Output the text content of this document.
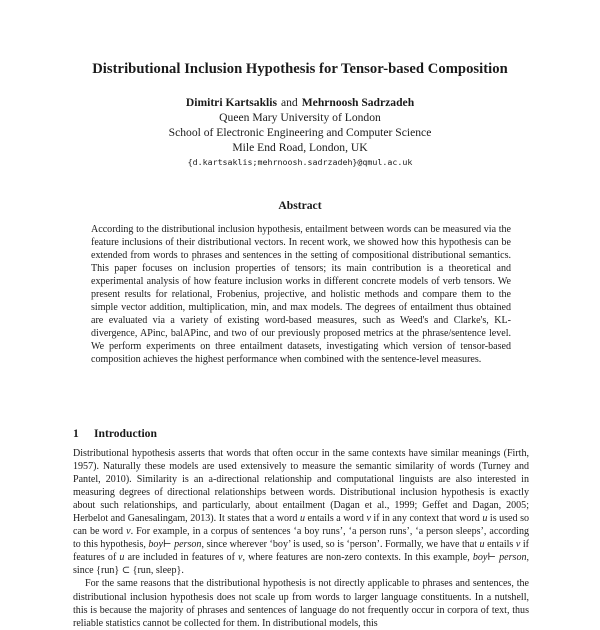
Distributional Inclusion Hypothesis for Tensor-based Composition
Dimitri Kartsaklis and Mehrnoosh Sadrzadeh
Queen Mary University of London
School of Electronic Engineering and Computer Science
Mile End Road, London, UK
{d.kartsaklis;mehrnoosh.sadrzadeh}@qmul.ac.uk
Abstract

According to the distributional inclusion hypothesis, entailment between words can be measured via the feature inclusions of their distributional vectors. In recent work, we showed how this hypothesis can be extended from words to phrases and sentences in the setting of compositional distributional semantics. This paper focuses on inclusion properties of tensors; its main contribution is a theoretical and experimental analysis of how feature inclusion works in different concrete models of verb tensors. We present results for relational, Frobenius, projective, and holistic methods and compare them to the simple vector addition, multiplication, min, and max models. The degrees of entailment thus obtained are evaluated via a variety of existing word-based measures, such as Weed's and Clarke's, KL-divergence, APinc, balAPinc, and two of our previously proposed metrics at the phrase/sentence level. We perform experiments on three entailment datasets, investigating which version of tensor-based composition achieves the highest performance when combined with the sentence-level measures.

1 Introduction

Distributional hypothesis asserts that words that often occur in the same contexts have similar meanings (Firth, 1957). Naturally these models are used extensively to measure the semantic similarity of words (Turney and Pantel, 2010). Similarity is an a-directional relationship and computational linguists are also interested in measuring degrees of directional relationships between words. Distributional inclusion hypothesis is exactly about such relationships, and particularly, about entailment (Dagan et al., 1999; Geffet and Dagan, 2005; Herbelot and Ganesalingam, 2013). It states that a word u entails a word v if in any context that word u is used so can be word v. For example, in a corpus of sentences ‘a boy runs’, ‘a person runs’, ‘a person sleeps’, according to this hypothesis, boy⊢ person, since wherever ‘boy’ is used, so is ‘person’. Formally, we have that u entails v if features of u are included in features of v, where features are non-zero contexts. In this example, boy⊢ person, since {run} ⊂ {run, sleep}.

For the same reasons that the distributional hypothesis is not directly applicable to phrases and sentences, the distributional inclusion hypothesis does not scale up from words to larger language constituents. In a nutshell, this is because the majority of phrases and sentences of language do not frequently occur in corpora of text, thus reliable statistics cannot be collected for them. In distributional models, this
